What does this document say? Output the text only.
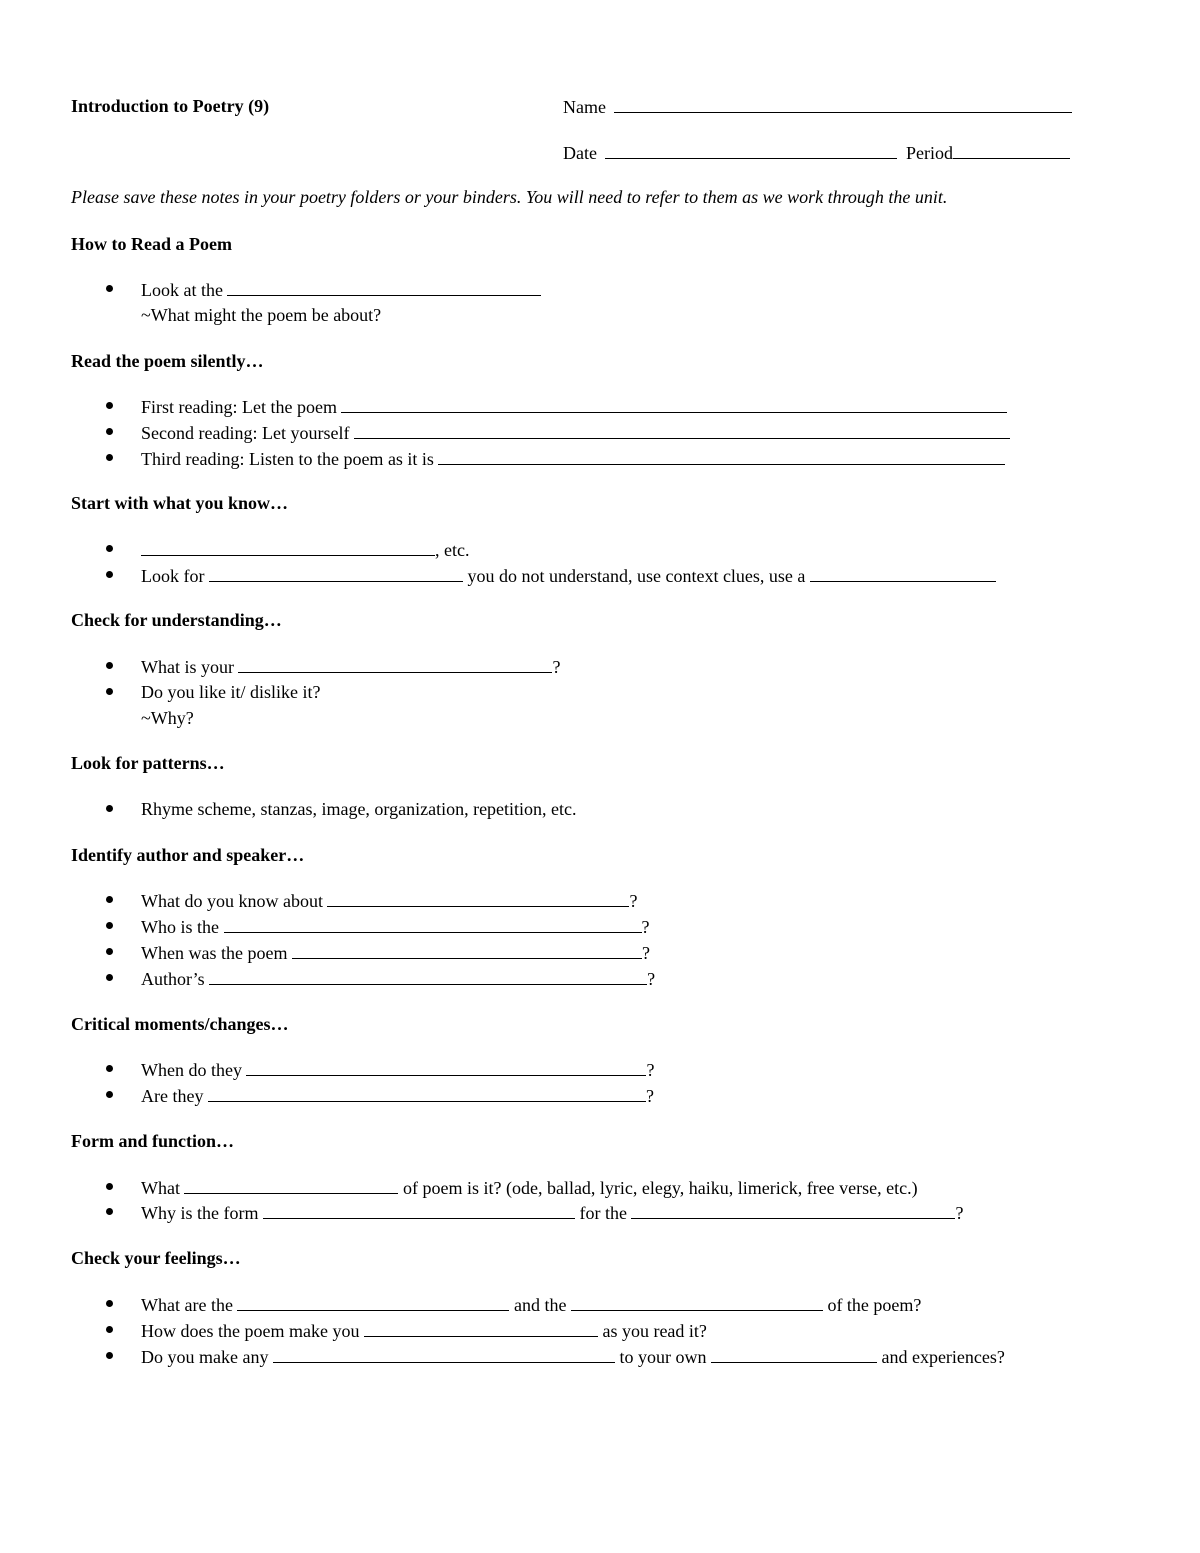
Introduction to Poetry (9)	Name
Date	Period
Please save these notes in your poetry folders or your binders. You will need to refer to them as we work through the unit.
How to Read a Poem
Look at the
~What might the poem be about?
Read the poem silently…
First reading: Let the poem
Second reading: Let yourself
Third reading: Listen to the poem as it is
Start with what you know…
, etc.
Look for	you do not understand, use context clues, use a
Check for understanding…
What is your	?
Do you like it/ dislike it?
~Why?
Look for patterns…
Rhyme scheme, stanzas, image, organization, repetition, etc.
Identify author and speaker…
What do you know about	?
Who is the	?
When was the poem	?
Author’s	?
Critical moments/changes…
When do they	?
Are they	?
Form and function…
What	of poem is it? (ode, ballad, lyric, elegy, haiku, limerick, free verse, etc.)
Why is the form	for the	?
Check your feelings…
What are the	and the	of the poem?
How does the poem make you	as you read it?
Do you make any	to your own	and experiences?
